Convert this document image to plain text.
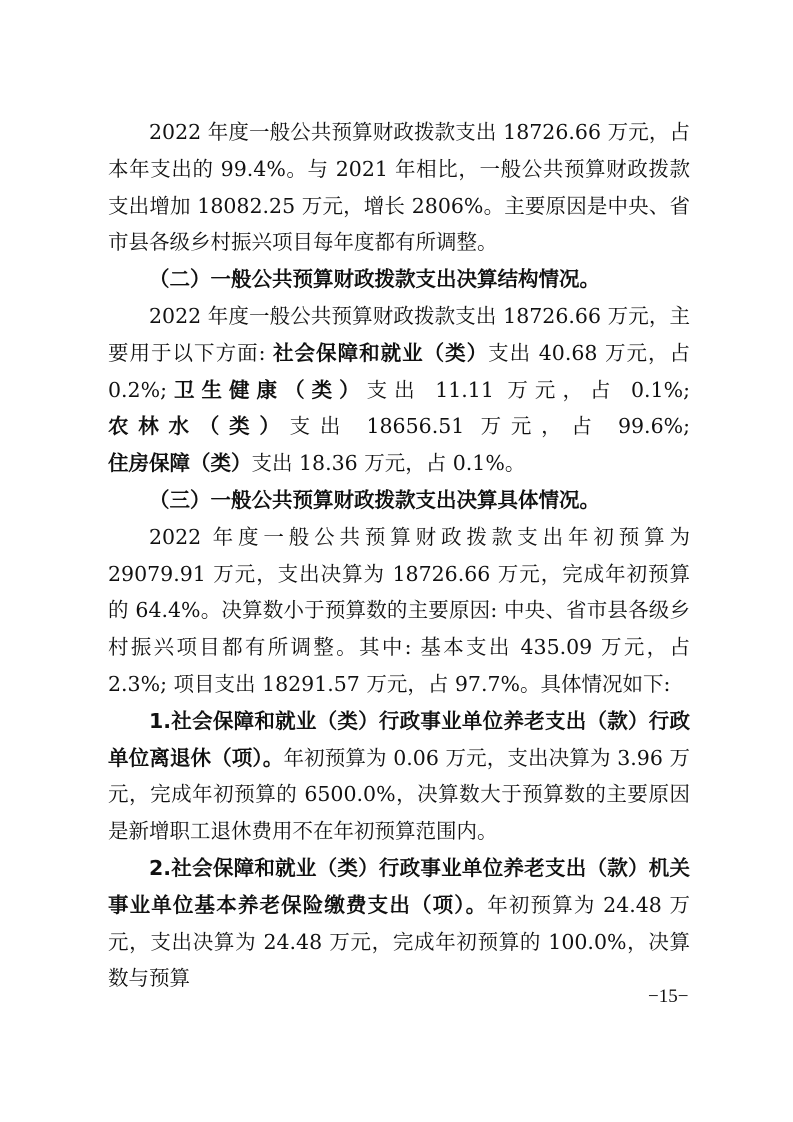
2022 年度一般公共预算财政拨款支出 18726.66 万元，占本年支出的 99.4%。与 2021 年相比，一般公共预算财政拨款支出增加 18082.25 万元，增长 2806%。主要原因是中央、省市县各级乡村振兴项目每年度都有所调整。

（二）一般公共预算财政拨款支出决算结构情况。

2022 年度一般公共预算财政拨款支出 18726.66 万元，主要用于以下方面: 社会保障和就业（类）支出 40.68 万元，占 0.2%;卫生健康（类）支出 11.11 万元，占 0.1%; 农林水（类）支出 18656.51 万元，占 99.6%; 住房保障（类）支出 18.36 万元，占 0.1%。

（三）一般公共预算财政拨款支出决算具体情况。

2022 年度一般公共预算财政拨款支出年初预算为 29079.91 万元，支出决算为 18726.66 万元，完成年初预算的 64.4%。决算数小于预算数的主要原因: 中央、省市县各级乡村振兴项目都有所调整。其中: 基本支出 435.09 万元，占 2.3%; 项目支出 18291.57 万元，占 97.7%。具体情况如下:

1.社会保障和就业（类）行政事业单位养老支出（款）行政单位离退休（项）。年初预算为 0.06 万元，支出决算为 3.96 万元，完成年初预算的 6500.0%，决算数大于预算数的主要原因是新增职工退休费用不在年初预算范围内。

2.社会保障和就业（类）行政事业单位养老支出（款）机关事业单位基本养老保险缴费支出（项）。年初预算为 24.48 万元，支出决算为 24.48 万元，完成年初预算的 100.0%，决算数与预算

−15−
